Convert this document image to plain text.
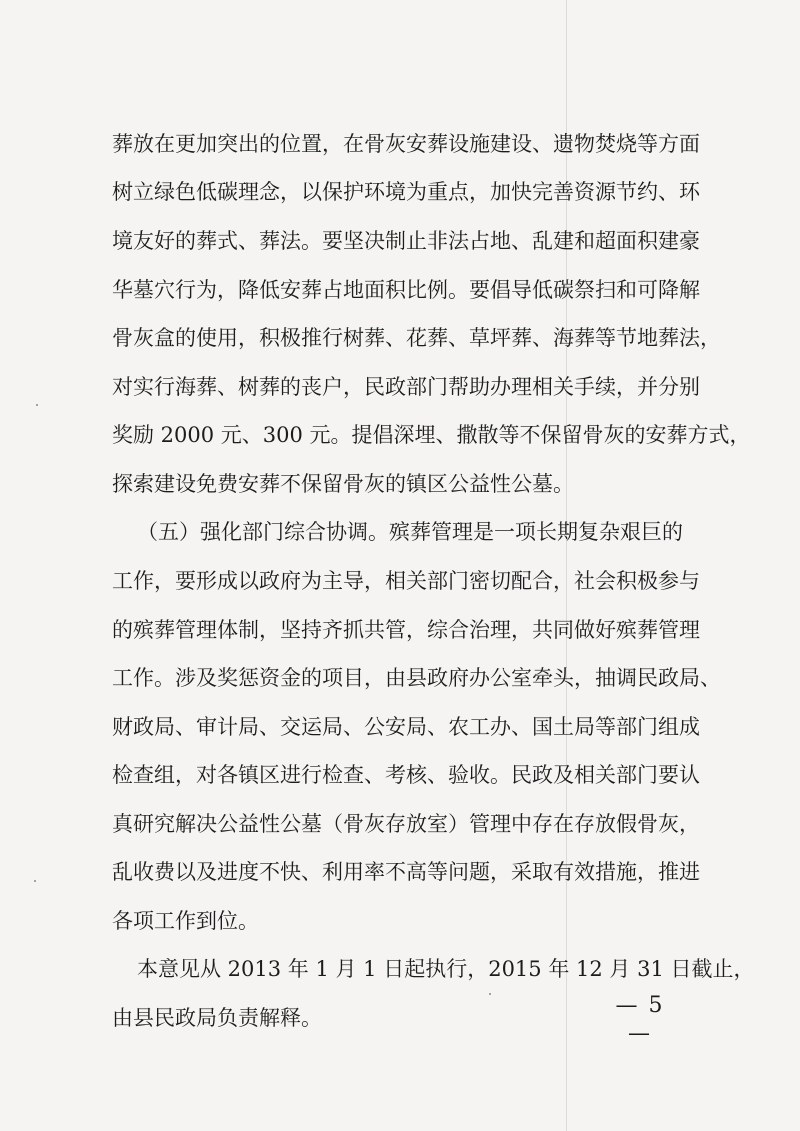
葬放在更加突出的位置，在骨灰安葬设施建设、遗物焚烧等方面
树立绿色低碳理念，以保护环境为重点，加快完善资源节约、环
境友好的葬式、葬法。要坚决制止非法占地、乱建和超面积建豪
华墓穴行为，降低安葬占地面积比例。要倡导低碳祭扫和可降解
骨灰盒的使用，积极推行树葬、花葬、草坪葬、海葬等节地葬法，
对实行海葬、树葬的丧户，民政部门帮助办理相关手续，并分别
奖励 2000 元、300 元。提倡深埋、撒散等不保留骨灰的安葬方式，
探索建设免费安葬不保留骨灰的镇区公益性公墓。
（五）强化部门综合协调。殡葬管理是一项长期复杂艰巨的
工作，要形成以政府为主导，相关部门密切配合，社会积极参与
的殡葬管理体制，坚持齐抓共管，综合治理，共同做好殡葬管理
工作。涉及奖惩资金的项目，由县政府办公室牵头，抽调民政局、
财政局、审计局、交运局、公安局、农工办、国土局等部门组成
检查组，对各镇区进行检查、考核、验收。民政及相关部门要认
真研究解决公益性公墓（骨灰存放室）管理中存在存放假骨灰，
乱收费以及进度不快、利用率不高等问题，采取有效措施，推进
各项工作到位。
本意见从 2013 年 1 月 1 日起执行，2015 年 12 月 31 日截止，
由县民政局负责解释。	— 5 —
